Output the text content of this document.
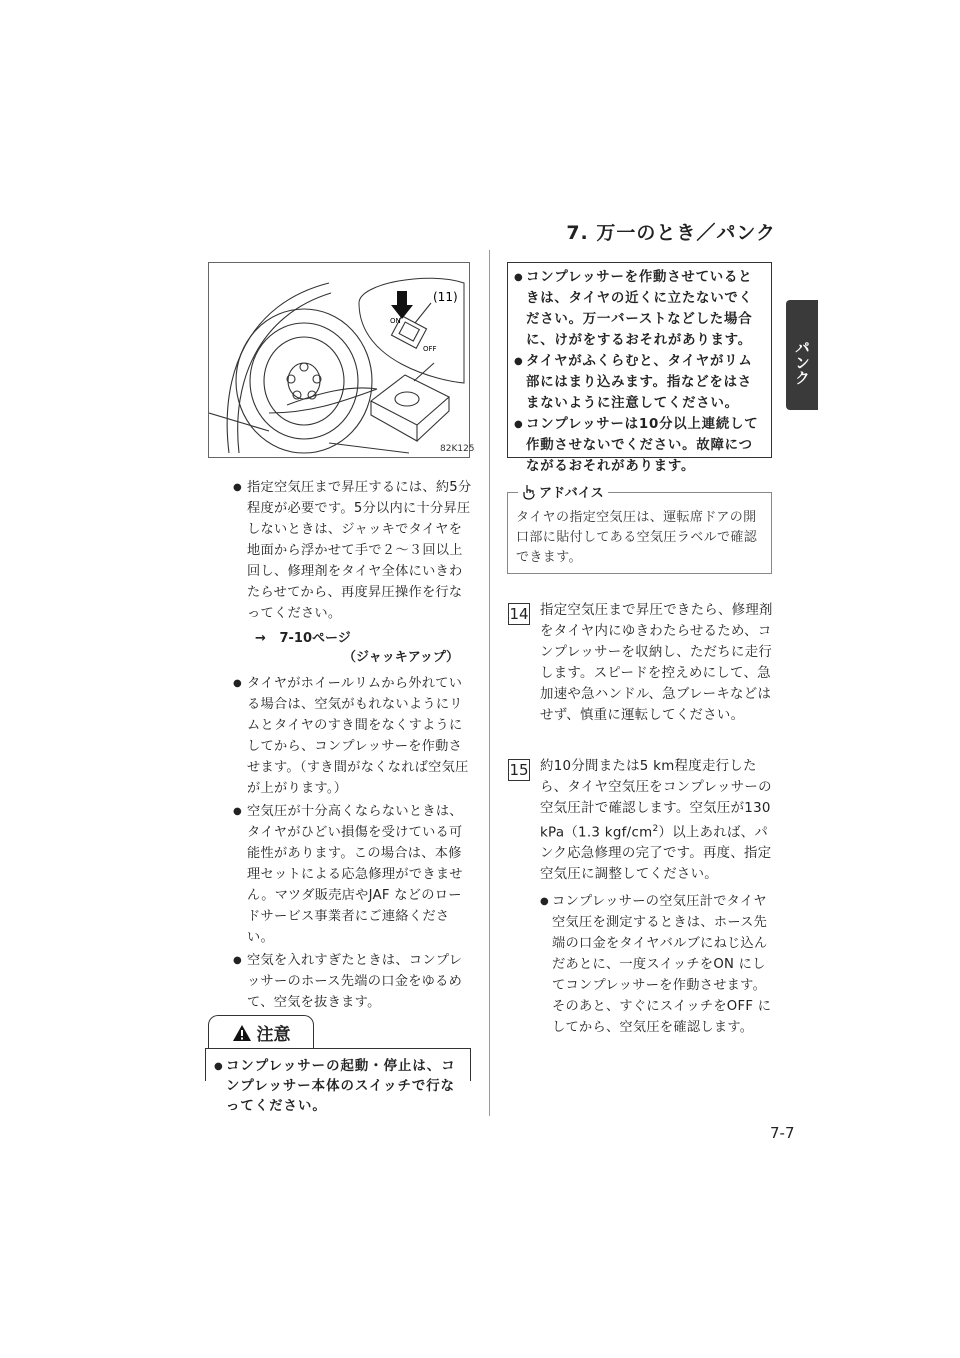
7. 万一のとき／パンク
パンク
ON
OFF
(11)
82K125
● 指定空気圧まで昇圧するには、約5分程度が必要です。5分以内に十分昇圧しないときは、ジャッキでタイヤを地面から浮かせて手で２～３回以上回し、修理剤をタイヤ全体にいきわたらせてから、再度昇圧操作を行なってください。
→ 7-10ページ
（ジャッキアップ）
● タイヤがホイールリムから外れている場合は、空気がもれないようにリムとタイヤのすき間をなくすようにしてから、コンプレッサーを作動させます。（すき間がなくなれば空気圧が上がります。）
● 空気圧が十分高くならないときは、タイヤがひどい損傷を受けている可能性があります。この場合は、本修理セットによる応急修理ができません。マツダ販売店やJAF などのロードサービス事業者にご連絡ください。
● 空気を入れすぎたときは、コンプレッサーのホース先端の口金をゆるめて、空気を抜きます。
注意
● コンプレッサーの起動・停止は、コンプレッサー本体のスイッチで行なってください。
● コンプレッサーを作動させているときは、タイヤの近くに立たないでください。万一バーストなどした場合に、けがをするおそれがあります。
● タイヤがふくらむと、タイヤがリム部にはまり込みます。指などをはさまないように注意してください。
● コンプレッサーは10分以上連続して作動させないでください。故障につながるおそれがあります。
タイヤの指定空気圧は、運転席ドアの開口部に貼付してある空気圧ラベルで確認できます。
アドバイス
14 指定空気圧まで昇圧できたら、修理剤をタイヤ内にゆきわたらせるため、コンプレッサーを収納し、ただちに走行します。スピードを控えめにして、急加速や急ハンドル、急ブレーキなどはせず、慎重に運転してください。
15 約10分間または5 km程度走行したら、タイヤ空気圧をコンプレッサーの空気圧計で確認します。空気圧が130 kPa（1.3 kgf/$cm^2$）以上あれば、パンク応急修理の完了です。再度、指定空気圧に調整してください。
● コンプレッサーの空気圧計でタイヤ空気圧を測定するときは、ホース先端の口金をタイヤバルブにねじ込んだあとに、一度スイッチをON にしてコンプレッサーを作動させます。そのあと、すぐにスイッチをOFF にしてから、空気圧を確認します。
7-7
